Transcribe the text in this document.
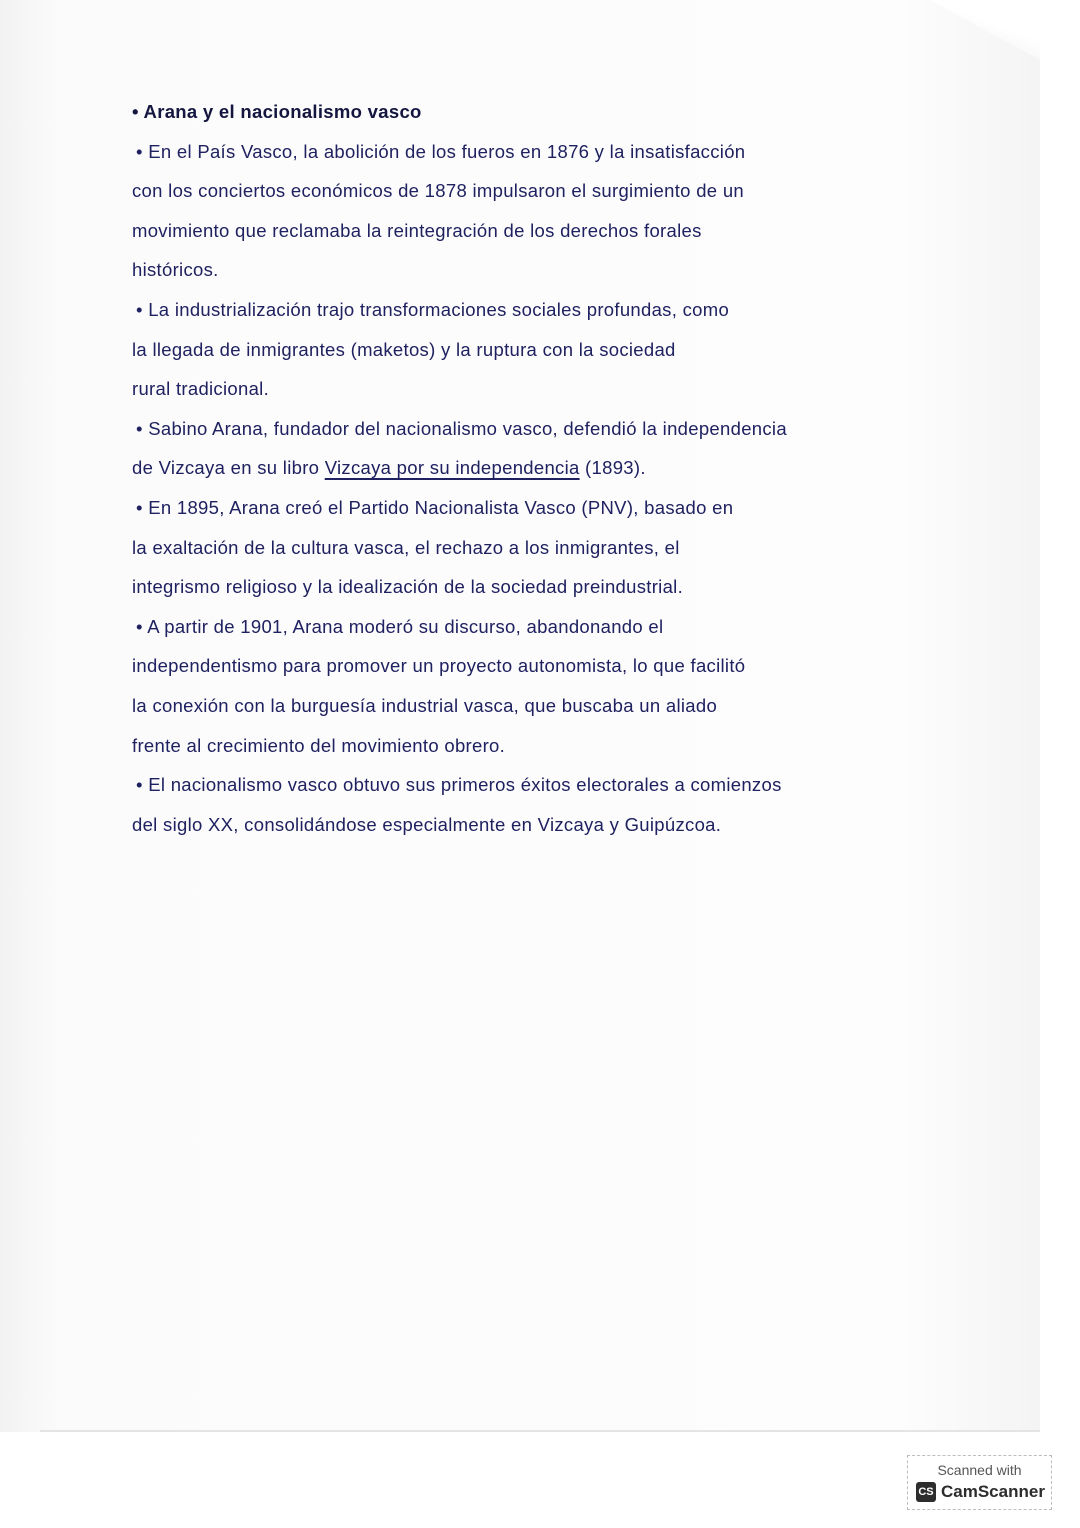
• Arana y el nacionalismo vasco
• En el País Vasco, la abolición de los fueros en 1876 y la insatisfacción
con los conciertos económicos de 1878 impulsaron el surgimiento de un
movimiento que reclamaba la reintegración de los derechos forales
históricos.
• La industrialización trajo transformaciones sociales profundas, como
la llegada de inmigrantes (maketos) y la ruptura con la sociedad
rural tradicional.
• Sabino Arana, fundador del nacionalismo vasco, defendió la independencia
de Vizcaya en su libro Vizcaya por su independencia (1893).
• En 1895, Arana creó el Partido Nacionalista Vasco (PNV), basado en
la exaltación de la cultura vasca, el rechazo a los inmigrantes, el
integrismo religioso y la idealización de la sociedad preindustrial.
• A partir de 1901, Arana moderó su discurso, abandonando el
independentismo para promover un proyecto autonomista, lo que facilitó
la conexión con la burguesía industrial vasca, que buscaba un aliado
frente al crecimiento del movimiento obrero.
• El nacionalismo vasco obtuvo sus primeros éxitos electorales a comienzos
del siglo XX, consolidándose especialmente en Vizcaya y Guipúzcoa.
Scanned with
CS CamScanner
